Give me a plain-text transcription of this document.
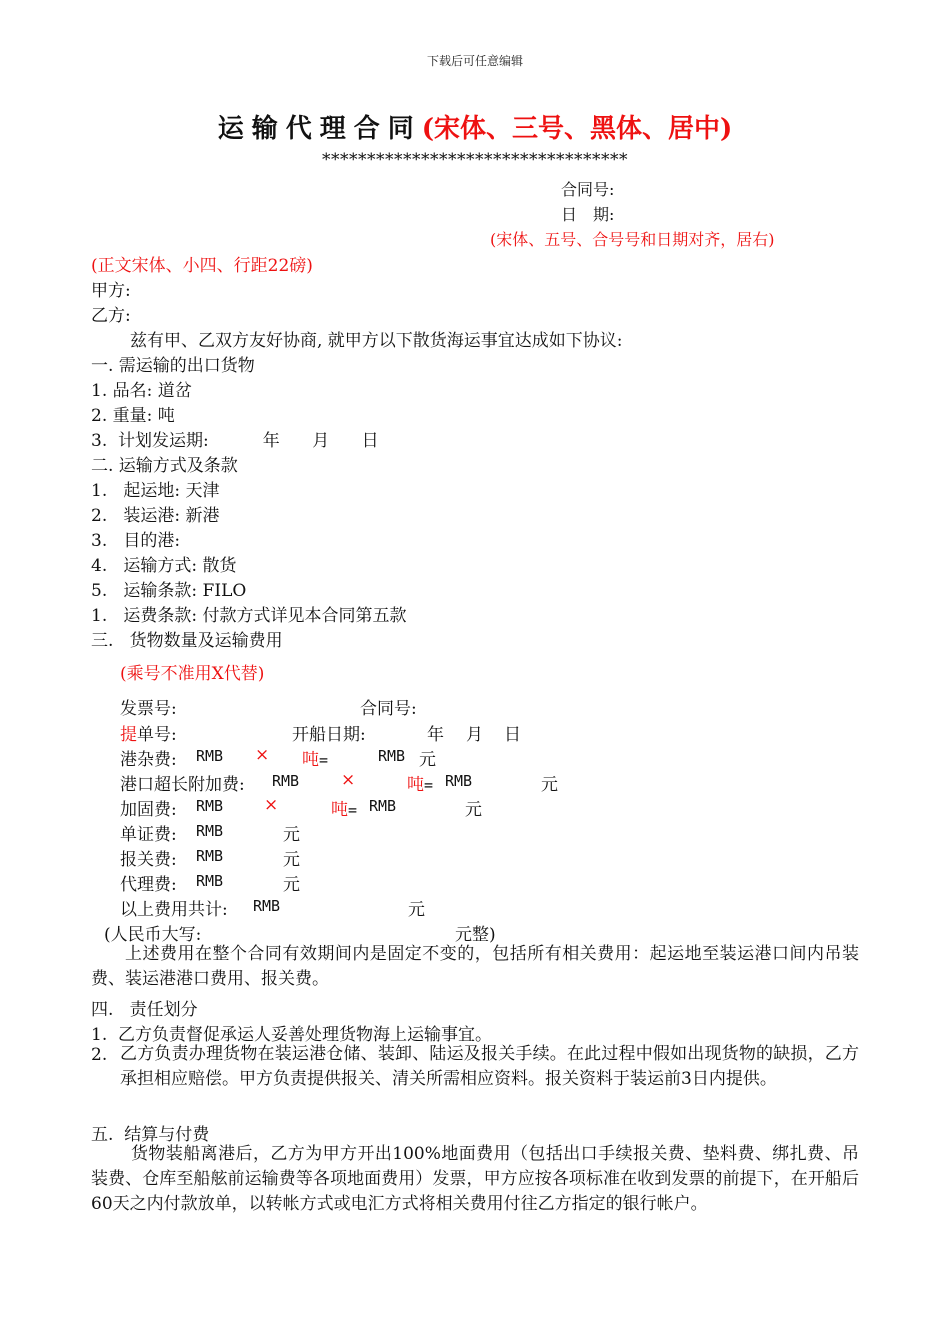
下载后可任意编辑
运输代理合同(宋体、三号、黑体、居中)
**********************************
合同号:
日　期:
(宋体、五号、合号号和日期对齐，居右)
(正文宋体、小四、行距22磅)
甲方:
乙方:
兹有甲、乙双方友好协商, 就甲方以下散货海运事宜达成如下协议:
一. 需运输的出口货物
1. 品名: 道岔
2. 重量: 吨
3.  计划发运期:          年      月      日
二. 运输方式及条款
1.   起运地: 天津
2.   装运港: 新港
3.   目的港:
4.   运输方式: 散货
5.   运输条款: FILO
1.   运费条款: 付款方式详见本合同第五款
三.   货物数量及运输费用
(乘号不准用X代替)
发票号:	合同号:
提单号:	开船日期:	年 月 日
港杂费: RMB × 吨=	RMB 元
港口超长附加费: RMB ×	吨= RMB	元
加固费: RMB ×	吨= RMB	元
单证费: RMB	元
报关费: RMB	元
代理费: RMB	元
以上费用共计: RMB	元
(人民币大写:	元整)
上述费用在整个合同有效期间内是固定不变的，包括所有相关费用：起运地至装运港口间内吊装费、装运港港口费用、报关费。
四.   责任划分
1.  乙方负责督促承运人妥善处理货物海上运输事宜。
2. 乙方负责办理货物在装运港仓储、装卸、陆运及报关手续。在此过程中假如出现货物的缺损，乙方承担相应赔偿。甲方负责提供报关、清关所需相应资料。报关资料于装运前3日内提供。
五.  结算与付费
货物装船离港后，乙方为甲方开出100%地面费用（包括出口手续报关费、垫料费、绑扎费、吊装费、仓库至船舷前运输费等各项地面费用）发票，甲方应按各项标准在收到发票的前提下，在开船后60天之内付款放单，以转帐方式或电汇方式将相关费用付往乙方指定的银行帐户。
